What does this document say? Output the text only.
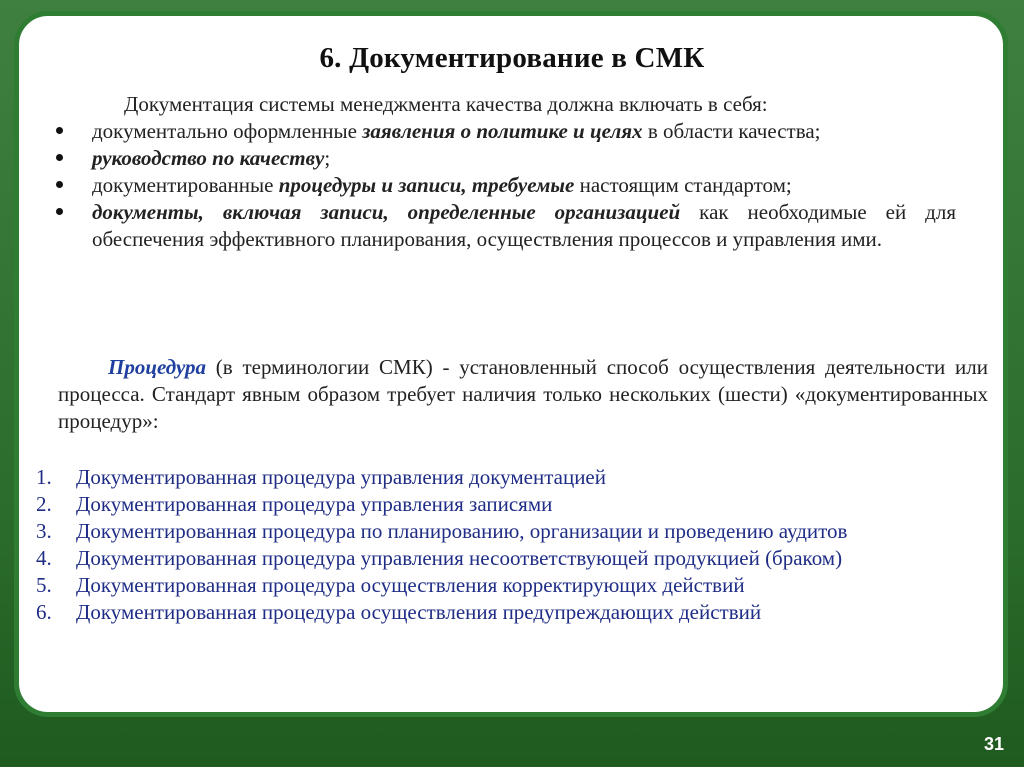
6. Документирование в СМК
Документация системы менеджмента качества должна включать в себя:
документально оформленные заявления о политике и целях в области качества;
руководство по качеству;
документированные процедуры и записи, требуемые настоящим стандартом;
документы, включая записи, определенные организацией как необходимые ей для обеспечения эффективного планирования, осуществления процессов и управления ими.
Процедура (в терминологии СМК) - установленный способ осуществления деятельности или процесса. Стандарт явным образом требует наличия только нескольких (шести) «документированных процедур»:
1.	Документированная процедура управления документацией
2.	Документированная процедура управления записями
3.	Документированная процедура по планированию, организации и проведению аудитов
4.	Документированная процедура управления несоответствующей продукцией (браком)
5.	Документированная процедура осуществления корректирующих действий
6.	Документированная процедура осуществления предупреждающих действий
31
